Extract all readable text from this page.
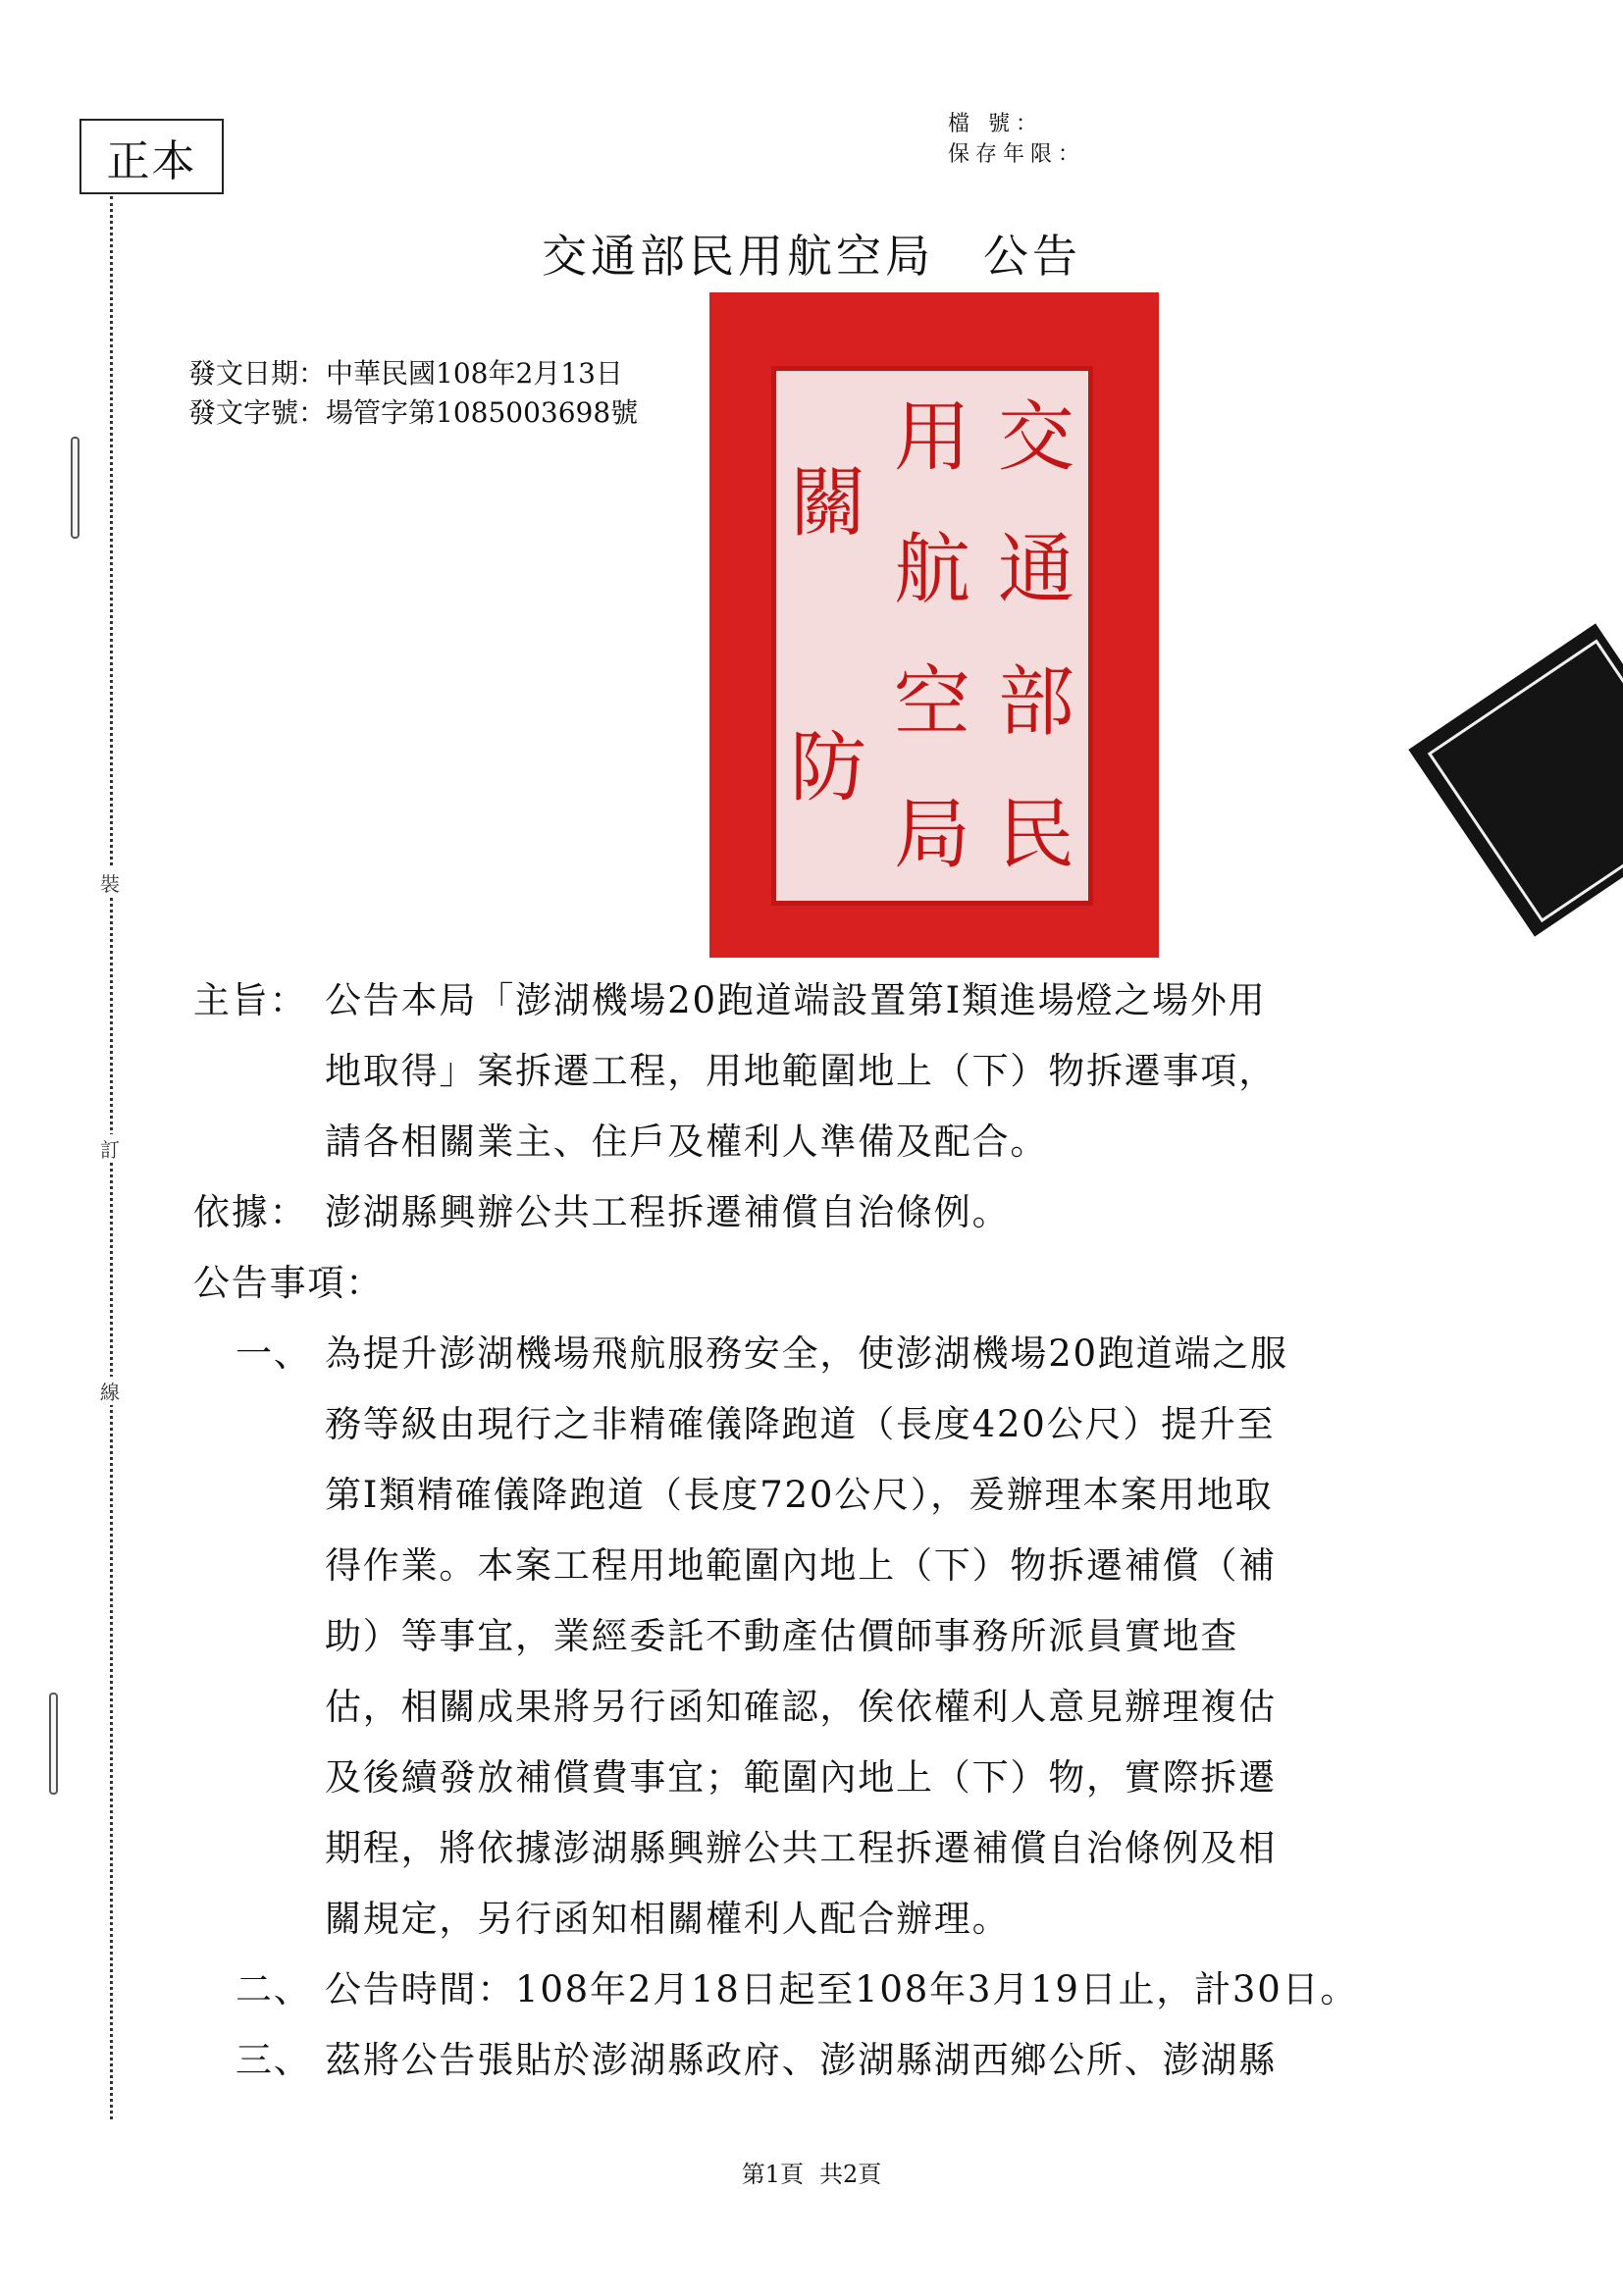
正本
檔 號：
保存年限：
裝
訂
線
交通部民用航空局 公告
發文日期：中華民國108年2月13日
發文字號：場管字第1085003698號	交
通
部
民
用
航
空
局
關
防
主旨： 公告本局「澎湖機場20跑道端設置第I類進場燈之場外用
地取得」案拆遷工程，用地範圍地上（下）物拆遷事項，
請各相關業主、住戶及權利人準備及配合。
依據： 澎湖縣興辦公共工程拆遷補償自治條例。
公告事項：
一、 為提升澎湖機場飛航服務安全，使澎湖機場20跑道端之服
務等級由現行之非精確儀降跑道（長度420公尺）提升至
第I類精確儀降跑道（長度720公尺），爰辦理本案用地取
得作業。本案工程用地範圍內地上（下）物拆遷補償（補
助）等事宜，業經委託不動產估價師事務所派員實地查
估，相關成果將另行函知確認，俟依權利人意見辦理複估
及後續發放補償費事宜；範圍內地上（下）物，實際拆遷
期程，將依據澎湖縣興辦公共工程拆遷補償自治條例及相
關規定，另行函知相關權利人配合辦理。
二、 公告時間：108年2月18日起至108年3月19日止，計30日。
三、 茲將公告張貼於澎湖縣政府、澎湖縣湖西鄉公所、澎湖縣
第1頁 共2頁
